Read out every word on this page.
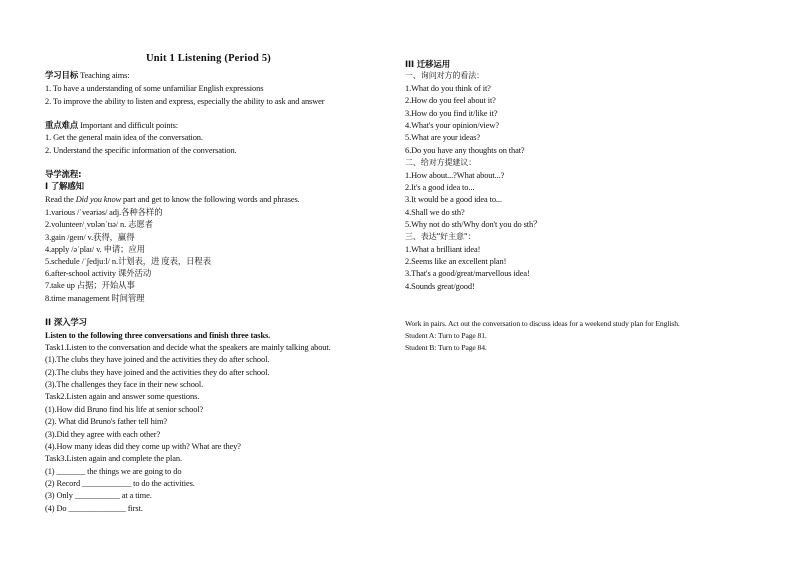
Unit 1 Listening (Period 5)
学习目标 Teaching aims:
1. To have a understanding of some unfamiliar English expressions
2. To improve the ability to listen and express, especially the ability to ask and answer
重点难点 Important and difficult points:
1. Get the general main idea of the conversation.
2. Understand the specific information of the conversation.
导学流程:
I 了解感知
Read the Did you know part and get to know the following words and phrases.
1.various /ˈveəriəs/ adj.各种各样的
2.volunteer/ˌvɒlənˈtɪə/ n. 志愿者
3.gain /geɪn/ v.获得，赢得
4.apply /əˈplaɪ/ v. 申请；应用
5.schedule /ˈʃedjuːl/ n.计划表，进 度表，日程表
6.after-school activity 课外活动
7.take up 占据；开始从事
8.time management 时间管理
II 深入学习
Listen to the following three conversations and finish three tasks.
Task1.Listen to the conversation and decide what the speakers are mainly talking about.
(1).The clubs they have joined and the activities they do after school.
(2).The clubs they have joined and the activities they do after school.
(3).The challenges they face in their new school.
Task2.Listen again and answer some questions.
(1).How did Bruno find his life at senior school?
(2). What did Bruno's father tell him?
(3).Did they agree with each other?
(4).How many ideas did they come up with? What are they?
Task3.Listen again and complete the plan.
(1) _______ the things we are going to do
(2) Record ____________ to do the activities.
(3) Only ___________ at a time.
(4) Do ______________ first.
III 迁移运用
一、询问对方的看法：
1.What do you think of it?
2.How do you feel about it?
3.How do you find it/like it?
4.What's your opinion/view?
5.What are your ideas?
6.Do you have any thoughts on that?
二、给对方提建议：
1.How about...?What about...?
2.It's a good idea to...
3.It would be a good idea to...
4.Shall we do sth?
5.Why not do sth/Why don't you do sth？
三、表达"好主意"：
1.What a brilliant idea!
2.Seems like an excellent plan!
3.That's a good/great/marvellous idea!
4.Sounds great/good!
Work in pairs. Act out the conversation to discuss ideas for a weekend study plan for English.
Student A: Turn to Page 81.
Student B: Turn to Page 84.
